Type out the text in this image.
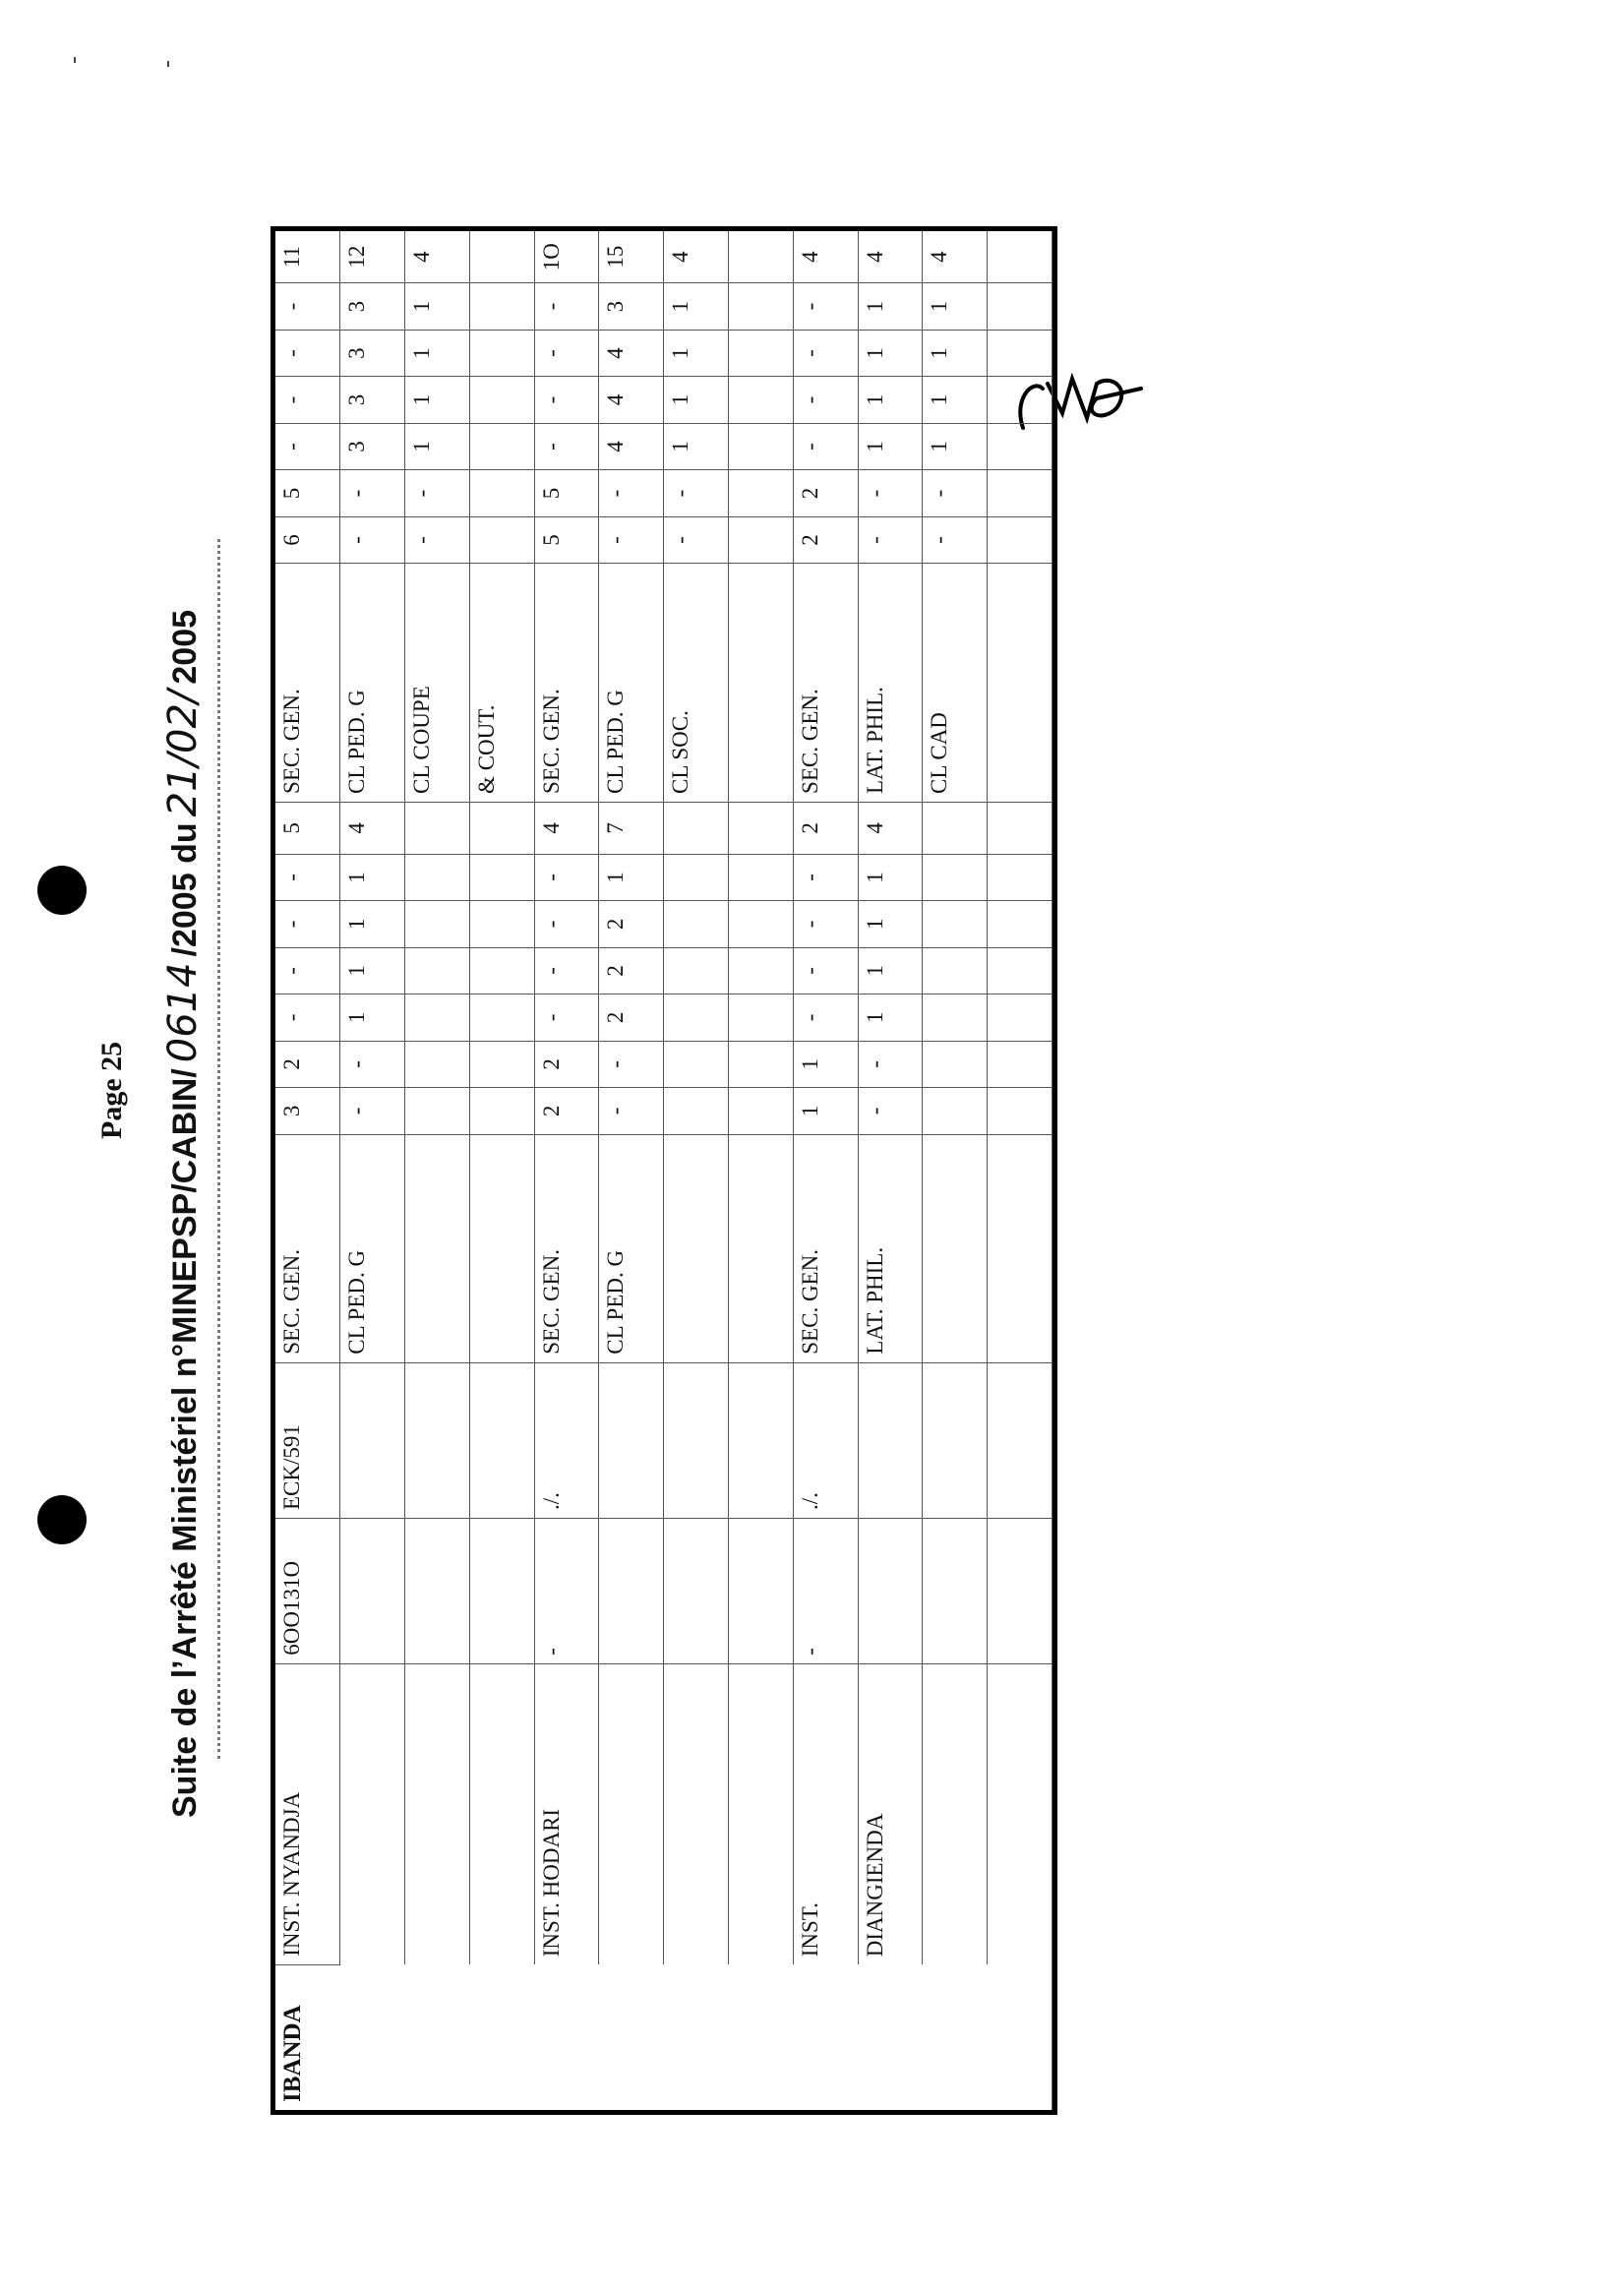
Page 25 Suite de l’Arrêté Ministériel n°MINEPSP/CABIN/0614/2005 du21/02/2005
IBANDA	INST. NYANDJA	6OO131O	ECK/591	SEC. GEN.	3	2	-	-	-	-	5	SEC. GEN.	6	5	-	-	-	-	11
				CL PED. G	-	-	1	1	1	1	4	CL PED. G	-	-	3	3	3	3	12
												CL COUPE	-	-	1	1	1	1	4
												& COUT.							
	INST. HODARI	-	./.	SEC. GEN.	2	2	-	-	-	-	4	SEC. GEN.	5	5	-	-	-	-	1O
				CL PED. G	-	-	2	2	2	1	7	CL PED. G	-	-	4	4	4	3	15
												CL SOC.	-	-	1	1	1	1	4

	INST.	-	./.	SEC. GEN.	1	1	-	-	-	-	2	SEC. GEN.	2	2	-	-	-	-	4
	DIANGIENDA			LAT. PHIL.	-	-	1	1	1	1	4	LAT. PHIL.	-	-	1	1	1	1	4
												CL CAD	-	-	1	1	1	1	4
